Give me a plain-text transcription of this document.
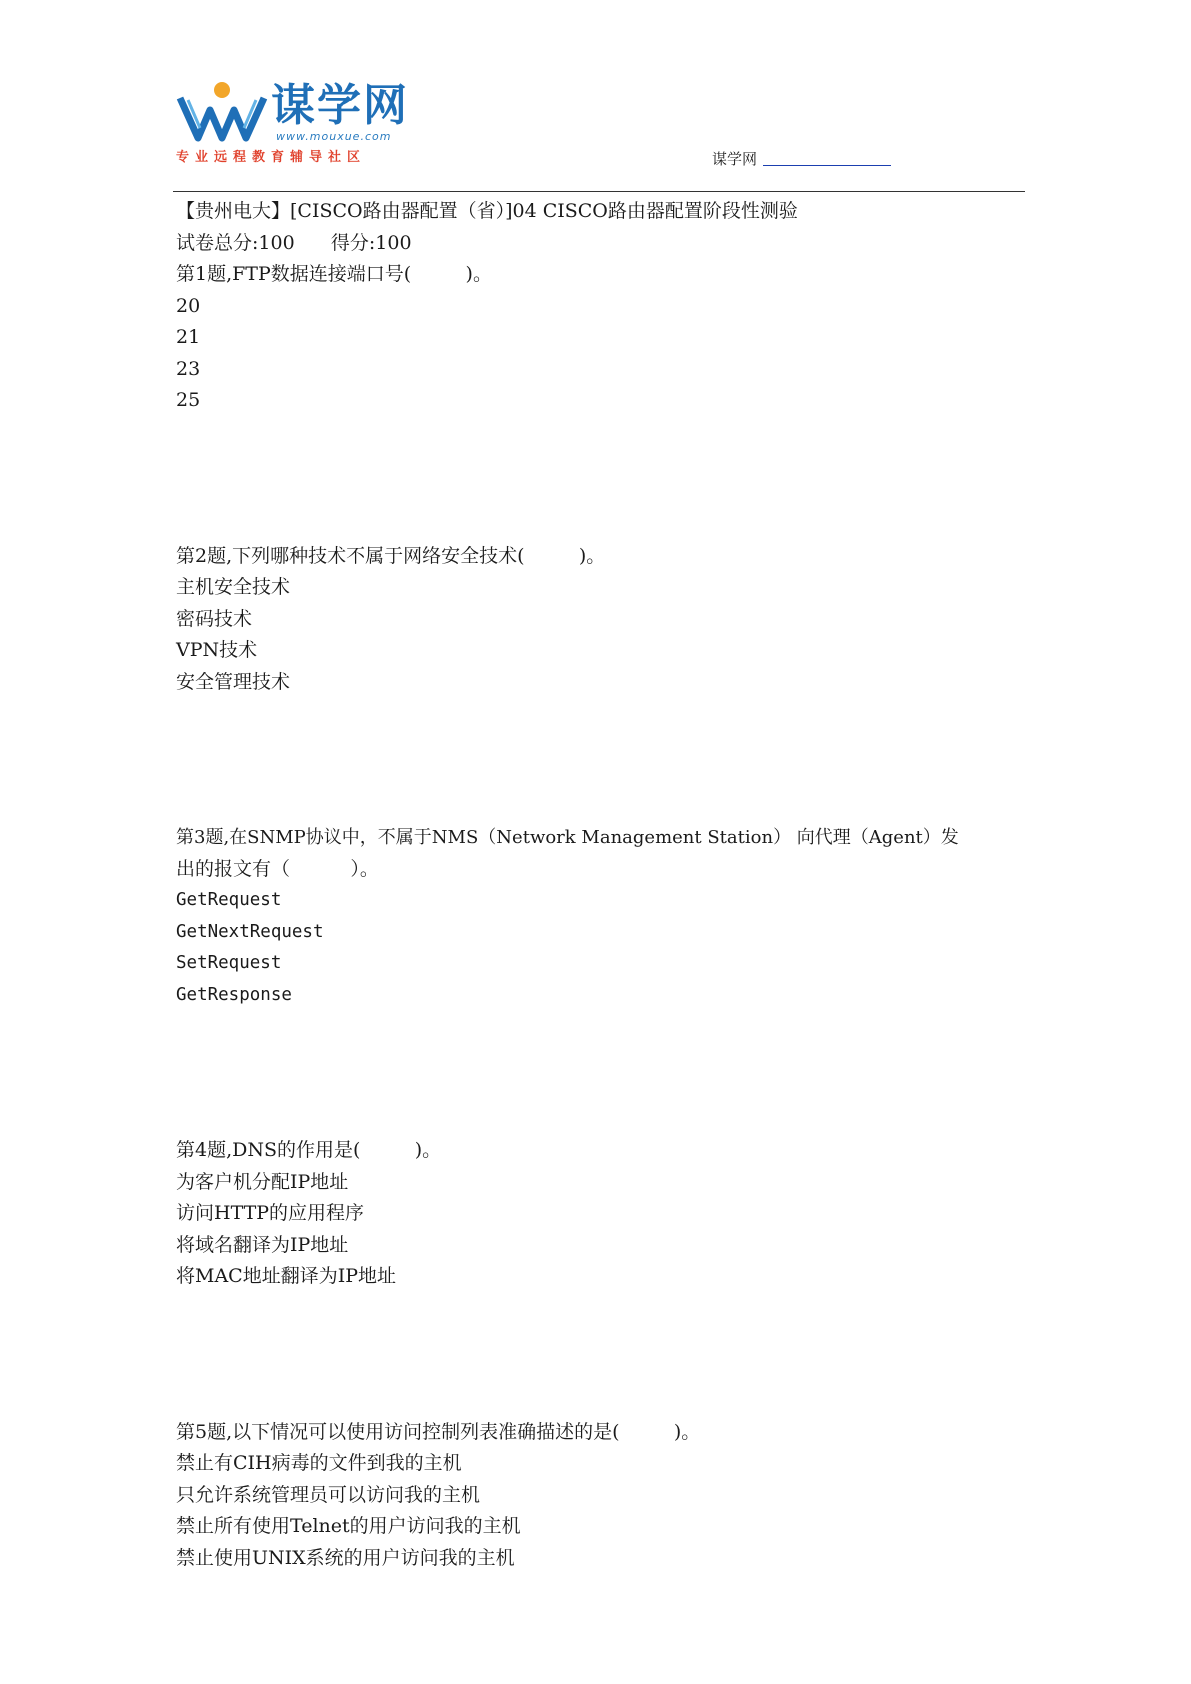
谋学网
www.mouxue.com
专业远程教育辅导社区	谋学网
【贵州电大】[CISCO路由器配置（省）]04 CISCO路由器配置阶段性测验
试卷总分:100      得分:100
第1题,FTP数据连接端口号(         )。
20
21
23
25
第2题,下列哪种技术不属于网络安全技术(         )。
主机安全技术
密码技术
VPN技术
安全管理技术
第3题,在SNMP协议中，不属于NMS（Network Management Station） 向代理（Agent）发
出的报文有（          ）。
GetRequest
GetNextRequest
SetRequest
GetResponse
第4题,DNS的作用是(         )。
为客户机分配IP地址
访问HTTP的应用程序
将域名翻译为IP地址
将MAC地址翻译为IP地址
第5题,以下情况可以使用访问控制列表准确描述的是(         )。
禁止有CIH病毒的文件到我的主机
只允许系统管理员可以访问我的主机
禁止所有使用Telnet的用户访问我的主机
禁止使用UNIX系统的用户访问我的主机
